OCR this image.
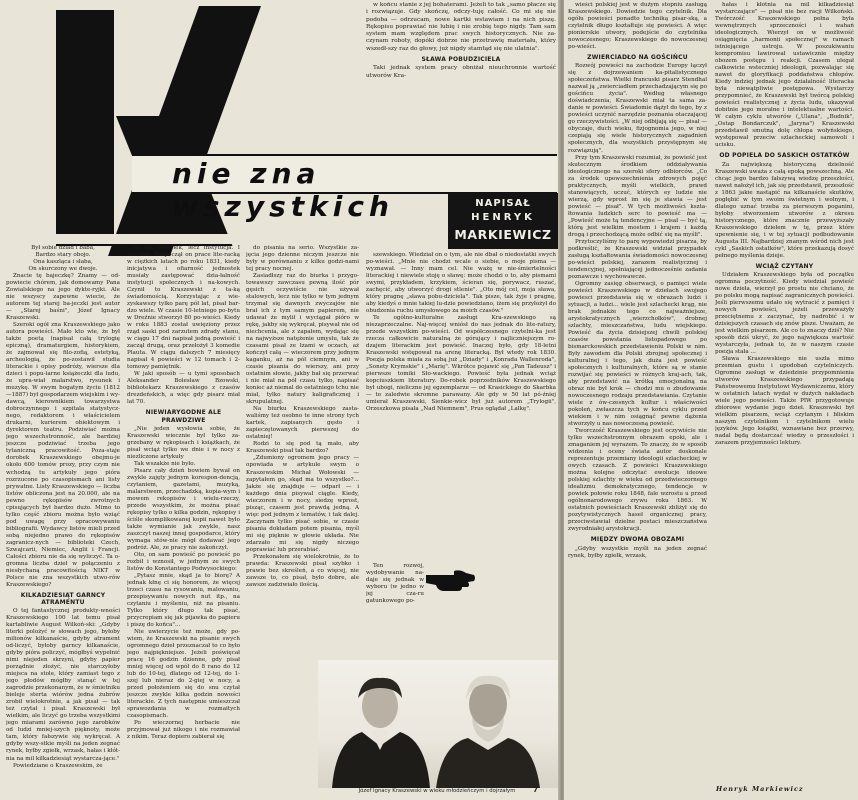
nie zna wszystkich	NAPISAŁ
HENRYK
MARKIEWICZ

Był sobie dziad i baba,

Bardzo stary obojo.

Ona kaszląca i słaba,

On skurczony we dwoje.

Znacie tę bajeczkę? Znamy — od-powiecie chórem, jak domowamy Pana Zowialskiego na jego dykte-ryjki. Ale nie wszyscy zapewne wiecie, że autorem tej starej ba-jeczki jest autor — „Starej baśni", Józef Ignacy Kraszewski.

Szeroki ogół zna Kraszewskiego jako autora powieści. Mało kto wie, że był także poetą (napisał całą trylogię epiczną), dramaturgiem, historykiem, że zajmował się filo-zofią, estetyką, archeologią, że po-zostawił studia literackie i opisy podróży, wiersze dla dzieci i popu-larne książeczki dla ludu, że upra-wiał malarstwo, rysunek i muzykę. W swym bogatym życiu (1812—1887) był gospodarzem wiejskim i wy-dawcą, kierownikiem towarzystwa dobroczynnego i szpitala statystycz-nego, redaktorem i właścicielem drukarni, kurierem obiektowym i dyrektorem teatru. Podziwiać można jego wszechstronność, ale bardziej jeszcze podziwiać trzeba jego tytaniczną pracowitość. Poza-staje dorobek Kraszewskiego obejmu-je około 600 tomów prozy, przy czym nie wchodzą tu artykuły jego pióra rozrzucone po czasopismach ani listy prywatne. Listy Kraszewskiego — liczba listów obliczona jest na 20.000, ale na pewno rękopisów zwrotnych cpisujących był bardzo dużo. Mimo to tylko część zbioru można było wziąć pod uwagę przy opracowywaniu bibliografii. Wydawcy listów mieli przed sobą niejedno prawo do rękopisów zagranicz-nych — biblioteki Czech, Szwajcarii, Niemiec, Anglii i Francji. Całości zbioru nie da się wyliczyć. Ta o-gromna liczba dzieł w połączeniu z niesłychaną pracowitością NIKT w Polsce nie zna wszystkich utwo-rów Kraszewskiego?

KILKADZIESIĄT GARNCY ATRAMENTU

O tej fantastycznej produkty-wności Kraszewskiego 100 lat temu pisał kartabliwie August Wilkoń-ski: „Gdyby literki polożyć w słowach jego, byłoby milionów kilkanaście, gdyby atrament od-liczyć, byłoby garncy kilkanaście, gdyby pióra policzyć, mógłbyś wypełnić nimi niejeden skrzyni, gdyby papier porządnie złożyć, nie starczyłoby miejsca na stole, który zamiast tego z jego płodów mógłby stanąć w tej zagrodzie przekonanym, że w śmietniku bieleje sterta wiórów jedna żubrów zrobił wielokrotnie, a jak pisał — tak też czytał i pisał. Kraszewski był wielkim, ale liczyć go trzeba wszystkimi jego miarami zarówno jego zarobków od ludzi mniej-szych pięknoty, może tam, który fałszywie się wykręcał. A gdyby wszy-stkie myśli na jeden zegnać rynek, byłby zgiełk, wrzask, hałas i kłót-nia na mil kilkadziesiąt wystarcza-jące."

Powiedziane o Kraszewskim, że

to nie człowiek, lecz instytucja. I słusznie. Rozpoczął on prace lite-racką w ciężkich latach po roku 1831, kiedy inicjatywa i ofiarność jednostek musiały zastępować dzia-łalność instytucji społecznych i na-kowych. Czynił to Kraszewski z ta-ką świadomością. Korzystając z wie-zyskawszy tylko parę pół lat, pisał bar-dzo wiele. W czasie 10-letniego po-bytu w Dreźnie stworzył 80 po-wieści. Kiedy w roku 1883 został uwięziony przez rząd saski pod zarzutem zdrady stanu, w ciągu 17 dni napisał jedną powieść i zaczął drugą, oraz przełożył 3 komedie Plauta. W ciągu dalszych 7 miesięcy napisał 4 powieści w 12 tomach i 2-tomowy pamiętnik.

W jaki sposób — u tymi sposobach Aleksander Bolesław Bzowski, bibliotekarz Kraszewskiego z czasów drezdeńskich, a więc gdy pisarz miał lat 70.

NIEWIARYGODNE ALE PRAWDZIWE

„Nie jeden wysłowia sobie, że Kraszewski wiecznie był tylko za-grzebany w rękopisach i książkach, że pisał wciąż tylko we dnie i w nocy z niezliczone artykuły

Tak wszakże nie było.

Pisarz cały dzień bowiem bywał on zwykle zajęty jednym korespon-dencją, czytaniem, gazetami, muzyką, malarstwem, przechadzką, kopia-wym i mowem rekopisów i wielu-rzeczy, przede wszystkim, że można pisać rękopisy tylko o kilka godzin, rękopisy i ściśle skomplikowanej kopii nawet było także wymianie jak zwykle, nasz zaszczyt naszej innej gospodarce, który wymaga stów-nie mógł dodawać jego podróż. Ale, ze pracy nie zakończył.

Oto, on sam powieść po powieść po rozbił i wznosił, w jednym ze swych listów do Konstantego Podwysockiego:

„Pytasz mnie, skąd ja to biorę? A jednak kłnę ci się honorem, że więcej trzeci czasu na rysowaniu, malowaniu, przepisywaniu nowych nut itp., na czytaniu i myśleniu, niż na pisaniu. Tylko który długo tak pisać, przycrepiam się jak pijawka do papieru i piszę do końca"...

Nie uwierzycie też może, gdy po-wiem, że Kraszewski na pisanie swych ogromnego dzieł przeznaczał to co było jego najpiękniejsze. Jeżeli poświęcał pracę 16 godzin dzienne, gdy pisał mniej więcej od wpół do 8 rano do 12 lub do 10-tej, dlatego od 12-tej, do 1-szej lub nieraz do 2-giej w nocy, a przed położeniem się do snu czytał jeszcze zwykle kilka godzin nowości literackie. Z tych następnie umieszczał sprawozdania w rozmaitych czasopismach.

Po wieczornej herbacie nie przyjmował już nikogo i nie rozmawiał z nikim. Teraz dopiero zabierał się

do pisania na serio. Wszystkie za-jęcia jego dzienne niczym jeszcze nie były w porównaniu z kilku godzi-nami tej pracy nocnej.

Zasiadłszy raz do biurka i przygo-towawszy zawczasu pewną ilość pór gęsich oczywiście nie używał stalowych, lecz nie tylko w tym jednym trzymał się dawnych zwyczajów nie brał ich z tym samym papierem, nie udawał że mylił i wyciągał pióro w rękę, jakby się wykręcał, pisywał nie od niechcenia, ale z zapałem, wydając się na najwyższe natężenie umysłu, tak że czasami pisał ze łzami w oczach, aż kończył całą — wieczorem przy jednym kaganku, aż na pół ciemnym, ani w czasie pisania do wierszy, ani przy ostatnim słowie, jakby bał się przerwać i nie miał na pół czasu tylko, napisać koniec aż niemal do ostatniego tchu nie miał, tylko natury kaligraficznej i skrupulatnej.

Na biurku Kraszewskiego zasta-waliśmy też osobno te inne strony tych kartek, zapisanych gęsto i zapieczętowanych pierwszej do ostatniej!

Rodzi to się pod tą mało, aby Kraszewski pisał tak bardzo?

„Zdumiony ogromem jego pracy — opowiada w artykule swym o Kraszewskim Michał Wołowski — zapytałem go, skąd ma to wszystko?... Jakże się znajduje — odparł — i każdego dnia pisywał ciągle. Kiedy, wieczorem i w nocy, siedzę wprost, pisząc, czasem jest prawdą jedną. A więc pod jednym z tematów, i tak dalej. Zaczynam tylko pisać sobie, w czasie pisania dokładam potem pisania, myśl mi się pięknie w głowie układa. Nie zdarzało mi się nigdy niczego poprawiać lub przerabiać.

Przekonałem się wielokrotnie, że to prawda: Kraszewski pisał szybko i prawie bez skreśleń, a co więcej, nie zawsze to, co pisał, było dobre, ale zawsze zadziwiało ilością.

w końcu stanie z jej bohaterami. Jeżeli to tak „samo płacze się i rozwiązuje. Gdy skończę, odczy-tuję całość. Co mi się nie podoba — odrzucam, nowe kartki wstawiam i na nich piszę. Rękopisu poprawiać nie lubię i nie zrobię tego nigdy. Tam sam system mam względem prac swych historycznych. Nie za-czynam roboty, dopóki dobrze nie przetrawię materiału, który wszedł-szy raz do głowy, już nigdy stamtąd się nie ulatnia".

SŁAWA POBUDZICIELA

Taki jednak system pracy obniżał nieuchronnie wartość utworów Kra-

szewskiego. Wiedział on o tym, ale nie dbał o niedostatki swych po-wieści. „Mnie nie chodzi wcale o siebie, o moje pisma — wyznawał. — Inny mam cel. Nie ważę w nie-śmiertelności literackiej i niewiele stoję o sławę: może chodzi o to, aby pismami swymi, przykładem, krzykiem, ścieran się, porywacz, ruszać, zachęcić, aby utworzyć drogi stlenie". „Oto mój cel, moja sława, który pragnę „sława pobu-dziciela". Tak pisze, tak żyje i pragnę, aby kiedyś o mnie takiej lu-dzie powiedziano, iżem się przyłożył do obudzenia ruchu umysłowego za moich czasów."

Te ogólno-kulturalne zasługi Kra-szewskiego są niezaprzeczalne. Naj-więcej wniósł do nas jednak do lite-ratury, przede wszystkim po-wieści. Od współczesnego czytelni-ka jest rzecza całkowicie naturalną że górujący i najliczniejszym ro-dzajem literackim jest powieść. Inaczej było, gdy 18-letni Kraszewski wstępował na arenę literacką. Był wtedy rok 1830. Poezja polska miała za sobą już „Dziady" i „Konrada Wallenroda", „Sonety Krymskie" i „Marię". Wkrótce pojawić się „Pan Tadeusz" i pierwsze tomiki Sło-wackiego. Powieść była jednak wciąż kopciuszkiem literatury. Do-robek poprzedników Kraszewskiego był ubogi, nieliczne jej egzemplarze — od Krasickiego do Skarbka — to zaledwie skromne parawany. Ale gdy w 50 lat pó-źniej umierał Kraszewski, Sienkie-wicz był już autorem „Trylogii", Orzeszkowa pisała „Nad Niemnem", Prus oglądał „Lalkę".

Ten rozwój, wydobywanie na-daje się jednak w wyboru (w jedno w jej cza-ru gatunkowego po-

Józef Ignacy Kraszewski w wieku młodzieńczym i dojrzałym	7

wieści polskiej jest w dużym stopniu zasługą Kraszewskiego. Dowiedzie tego czytelnik. Dla ogółu powieści ponadto techniką pisar-ską, a czytelnik długo kształtuje się powieści. A więc pionierskie utwory, podejście do czytelnika nowoczesnego; Kraszewskiego do nowoczesnej po-wieści.

ZWIERCIADŁO NA GOŚCIŃCU

Rozwój powieści na zachodzie Europy łączył się z dojrzewaniem ka-pitalistycznego społeczeństwa. Wielki francuski pisarz Stendhal nazwał ją „zwierciadłem przechadzającym się po gościńcu życia". Według własnego doświadczenia, Kraszewski miał ta sama za-danie w powieści. Świadomie dążył do tego, by z powieści uczynić narzędzie poznania otaczającej go rzeczywistości. „W niej odbijają się — pisał — obyczaje, duch wieku, fizjognomia jego, w niej czepiają się wiele historycznych zagadnień społecznych, dla wszystkich przystępnym się rozwiązują".

Przy tym Kraszewski rozumiał, że powieść jest skutecznym środkiem oddziaływania ideologicznego na szeroki sfery odbiorców. „Co za środek upowszechnienia zdrowych pojęć praktycznych, myśli wielkich, prawd stanowiących, uczuć, których ey ludzie nie wierzą, gdy wprost im się je stawia — jest powieść — pisał". W tych możliwości kszta-łtowania ludzkich serc to powieść ma — „Powieść może tą tendencyjne — pisał — być tą, którą jest wielkim mostem i krajem i każdą drogą i przechodzącą może odbić się na myśli".

Przytoczyliśmy to parę wypowiedzi pisarza, by podkreślić, że Kraszewski widział przypadek zasługą kształtowania świadomości nowoczesnej po-wieści polskiej, zarazem realistycznej i tendencyjnej, spełniającej jednocześnie zadania poznawcze i wychowawcze.

Ogromny zasięg obserwacji, o pamięci wiele powieści Kraszewskiego w dziełach swojego powiesci przedstawia się w obrazach ludzi i sytuacji, a ludzi... wiele jest szlachecki krąg, nie brak jednakże tego co najważniejsze, arystokratycznych „wierzchołków", drobnej szlachty, mieszczaństwa, ludu wiejskiego. Powieść da życia dzisiejszej chwili polskiej czasów powstania listopadowego po bismarckowskich przedstawieniu Polski w nim. Były zawodem dla Polski zbrojnej społecznej i kulturalnej i tego, jak duża jest powieść społecznych i kulturalnych, które są w stanie rozwijać się powieści w różnych kraj-ach, tak, aby przedstawić na krótką emocjonalną na obraz nie był krok — chodzi mu o zbudowanie nowoczesnego rodzaju przedstawiania. Czytanie wiele z ów-czesnych kultur i właściwości pokoleń, zwłaszcza tych w końcu cyklu przed wiekiem i w nim osiągnąć pewne dążenia stworzyły u nas nowoczesną powieść.

Tworczość Kraszewskiego jest oczywiście nie tylko wszechstronnym obrazem epoki, ale i zmaganiem jej wyrazem. To znaczy, że w sposób widzenia i oceny świata autor doskonale reprezentuje przemiany ideologii szlacheckiej w owych czasach. Z powieści Kraszewskiego można kolejne odczytać ewolucje ideowe polskiej szlachty w wieku od przedwieczornego idealizmu demokratycznego, tendencje w powiek połowie roku 1848, fale wzrostu u przed ogólnonarodowego zrywu roku 1863. W ostatnich powieściach Kraszewski zbliżył się do pozytywistycznych haseł organicznej pracy, przeciwstawiał dzielne postaci mieszczaństwa zwyrodniałej arystokracji.

MIĘDZY DWOMA OBOZAMI

„Gdyby wszystkie myśli na jeden zegnać rynek, byłby zgiełk, wrzask,

hałas i kłótnia na mil kilkadziesiąt wystarczające" — pisał nie bez racji Wilkoński. Twórczość Kraszewskiego pełna była wewnętrznych sprzeczności i wahań ideologicznych. Wierzył on w możliwość osiągnięcia „harmonii społecznej" w ramach istniejącego ustroju. W poszukiwaniu kompromisu ławirował ustawicznie między obozem postępu i reakcji. Czasem ulegał całkowicie wsteczniej ideologii, pozwalając się nawet do gloryfikacji poddaństwa chłopów. Kiedy indziej jednak jego działalność literacka była niewątpliwie postępowa. Wystarczy przypomnieć, że Kraszewski był twórcą polskiej powieści realistycznej z życia ludu, ukazywał dobitnie jego moralne i intelektualne wartości. W całym cyklu utworów („Ulana", „Budnik", „Ostap Bondarczuk", „Jaryna") Kraszewski przedstawił smutną dolę chłopa wołyńskiego, występował przeciw szlacheckiej samowoli i ucisku.

OD POPIELA DO SASKICH OSTATKÓW

Za największą historyczną dzielność Kraszewski uważa z całą epoką powszechną. Ale chcąc jego bardzo fałszywą wiedzę przeszłości, nawet nałożył ich, jak się przedstawił, przeszłość z 1863 jakie nastąpić na kilkanaście skutków, pogłębić w tym swoim świetnym i wolnym, i dlatego uznać trzeba za pierwszym poganini, byłoby stworzeniem utworów z okresu historycznego, które znacznie przewyższały Kraszewskiego dziełem w tę, przez które upewnienie się, i w tej sytuacji podbudowanie Augusta III. Najbardziej znanym wśród nich jest cykl „Saskich ostatków", które przekazują dosyć pełnego myślenia dzieje.

WCIĄŻ CZYTANY

Udziałem Kraszewskiego była od początku ogromna poczytność. Kiedy wiedział powieść nowe dzieła, wierzył po prostu nie chciano, że po polsku mogą napisać zagranicznych powieści. Jeśli pierwszemu udało się wytracić z pamięci i nowych powieści, jeżeli przeważyły przeciętnemu z zaczynać, by nadrobić i w dzisiejszych czasach się znów pisze. Uważam, że jest wielkim pisarzem. Ale co to znaczy dziś? Nie sposób dziś ukryć, że jego największa wartość wystarczyła, jednak to, że w naszym czasie poezja stała ...

Sława Kraszewskiego nie uszła mimo przemian gustu i upodobań czytelniczych. Ogromne zasługi w dziedzinie przypomnienia utworów Kraszewskiego przypadają Państwowemu Instytutowi Wydawniczemu, który w ostatnich latach wydał w dużych nakładach wiele jego powieści. Także PIW przygotowuje zbiorowe wydanie jego dzieł. Kraszewski był wielkim pisarzem, wciąż czytanym i bliskim naszym czytelnikom i czytelnikom wielu języków. Jego książki, wznawiane bez przerwy, nadal będą dostarczać wiedzy o przeszłości i zarazem przyjemności lektury.

Henryk Markiewicz
